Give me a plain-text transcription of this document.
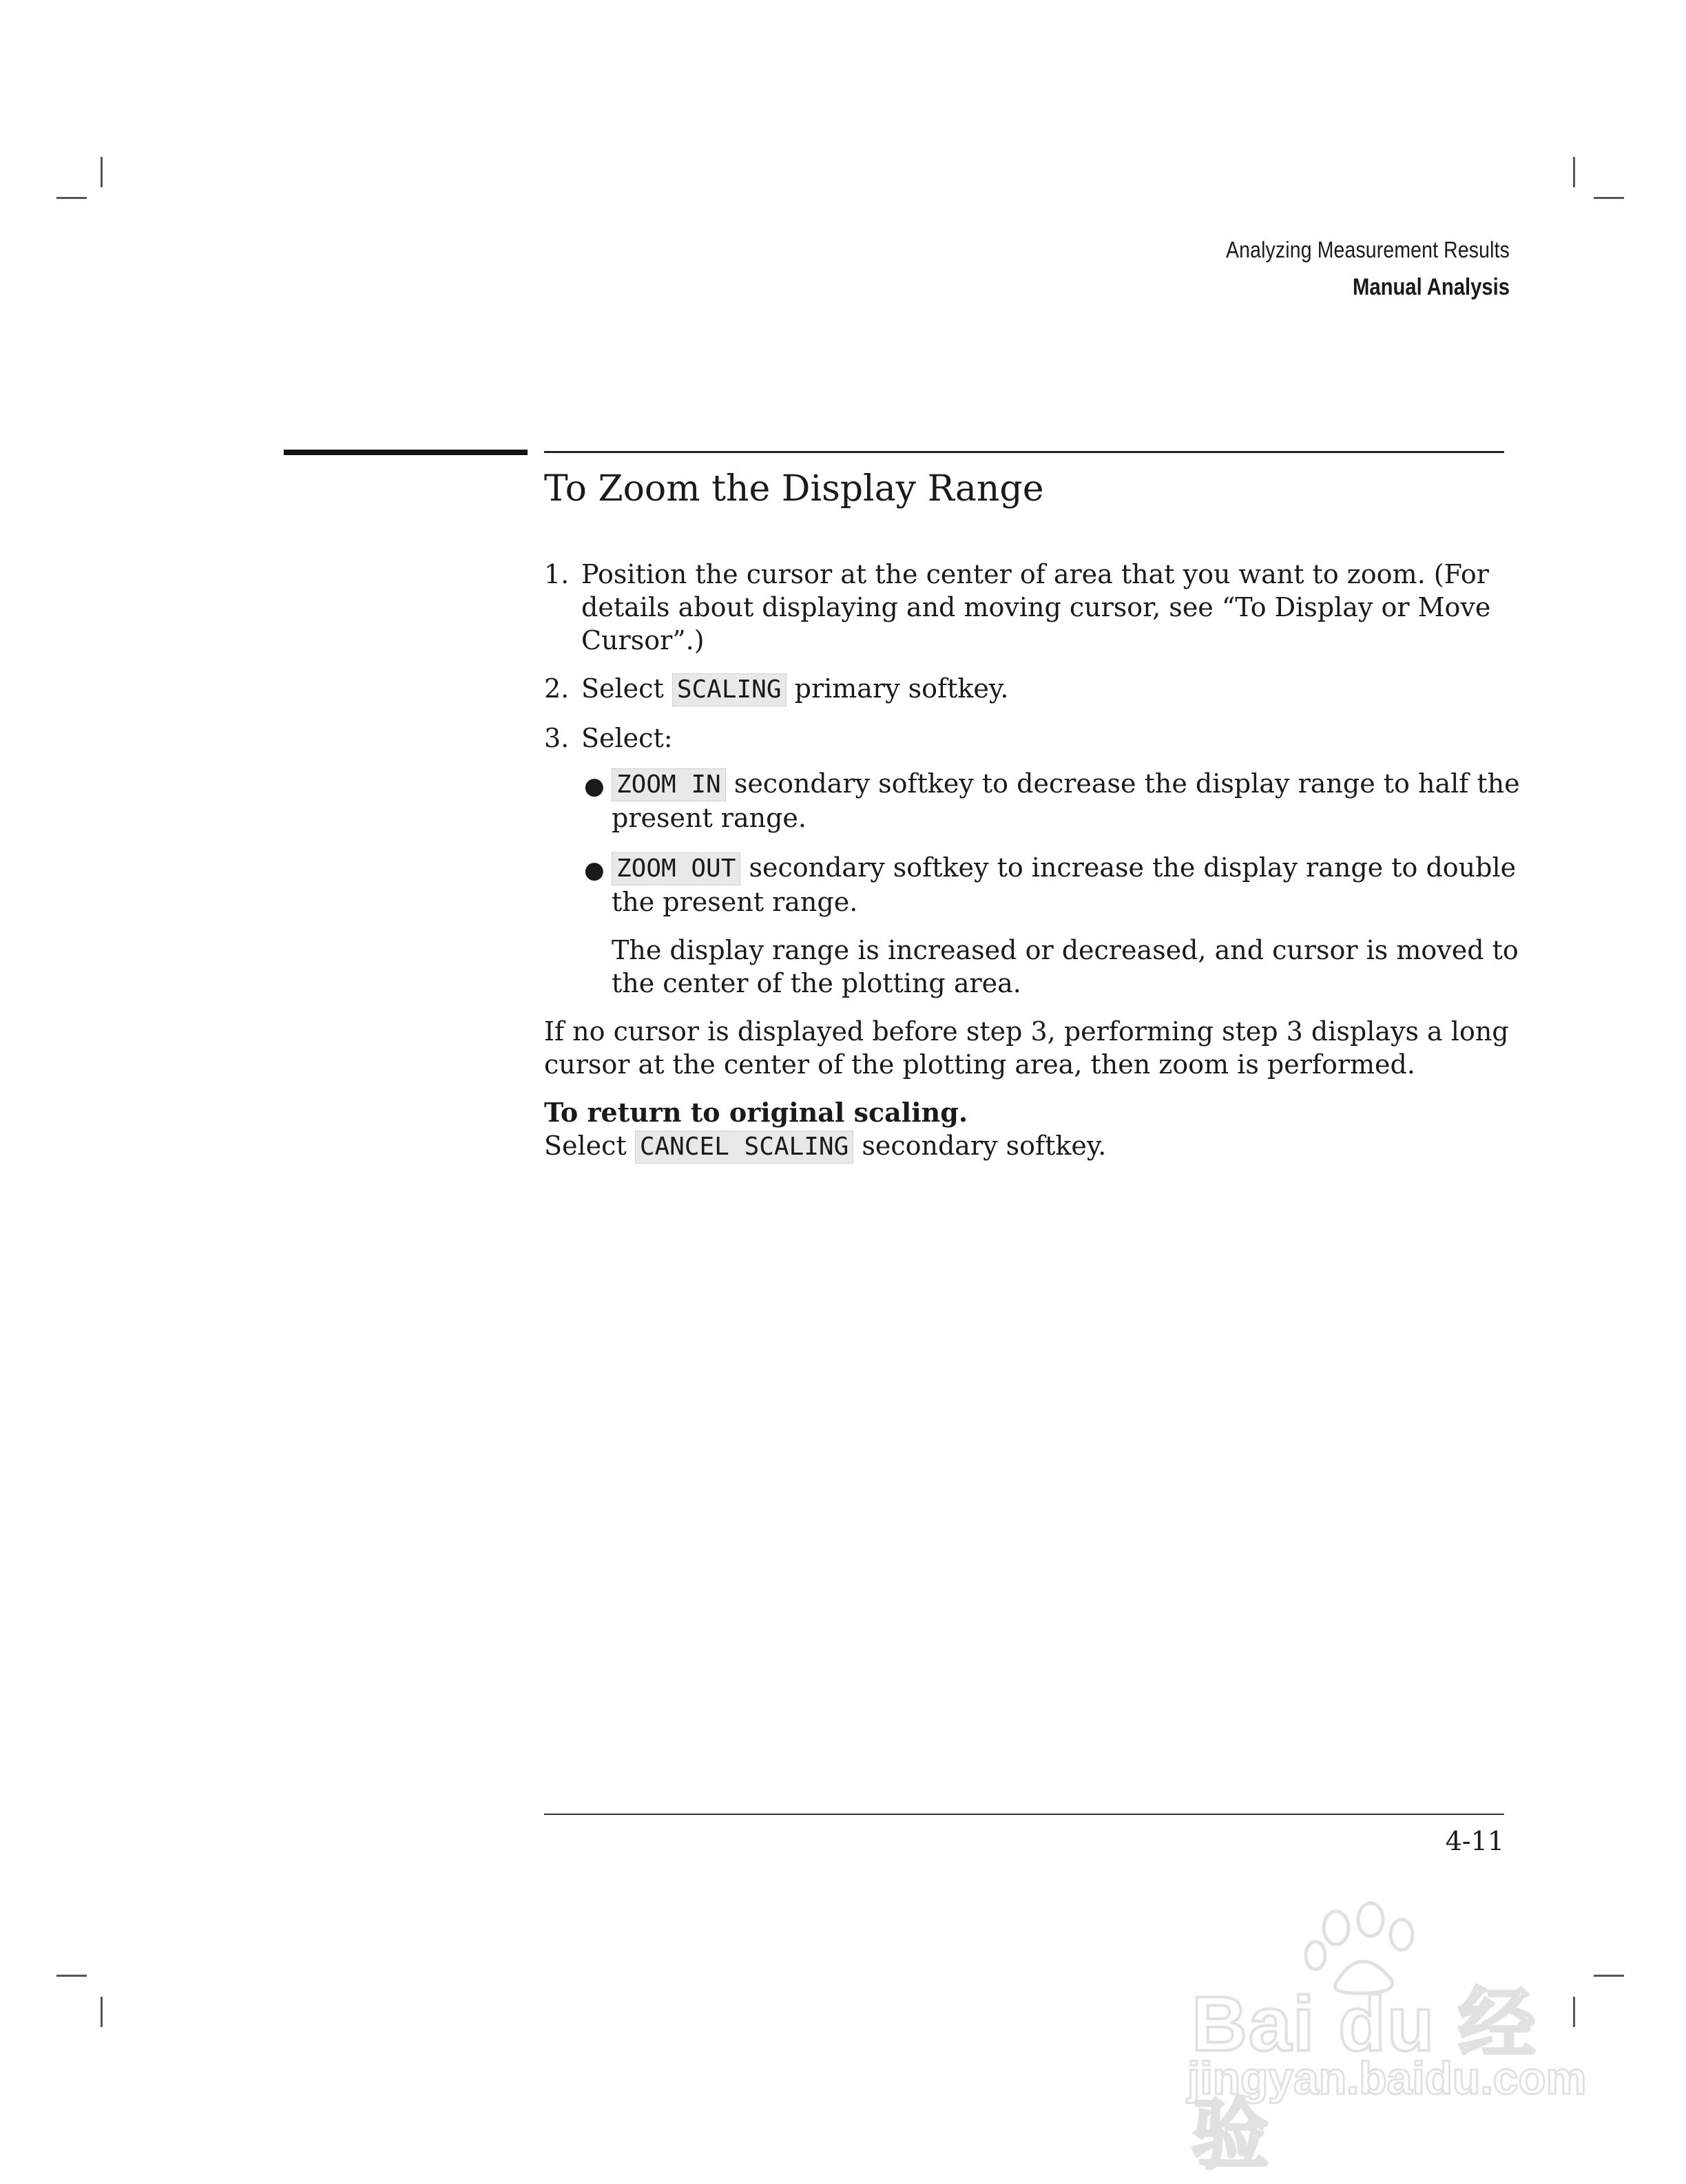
Analyzing Measurement Results
Manual Analysis
To Zoom the Display Range
1. Position the cursor at the center of area that you want to zoom. (For details about displaying and moving cursor, see “To Display or Move Cursor”.)
2. Select SCALING primary softkey.
3. Select:
● ZOOM IN secondary softkey to decrease the display range to half the present range.
● ZOOM OUT secondary softkey to increase the display range to double the present range.
The display range is increased or decreased, and cursor is moved to the center of the plotting area.

If no cursor is displayed before step 3, performing step 3 displays a long cursor at the center of the plotting area, then zoom is performed.

To return to original scaling.

Select CANCEL SCALING secondary softkey.

4-11
Bai du 经验
jingyan.baidu.com
